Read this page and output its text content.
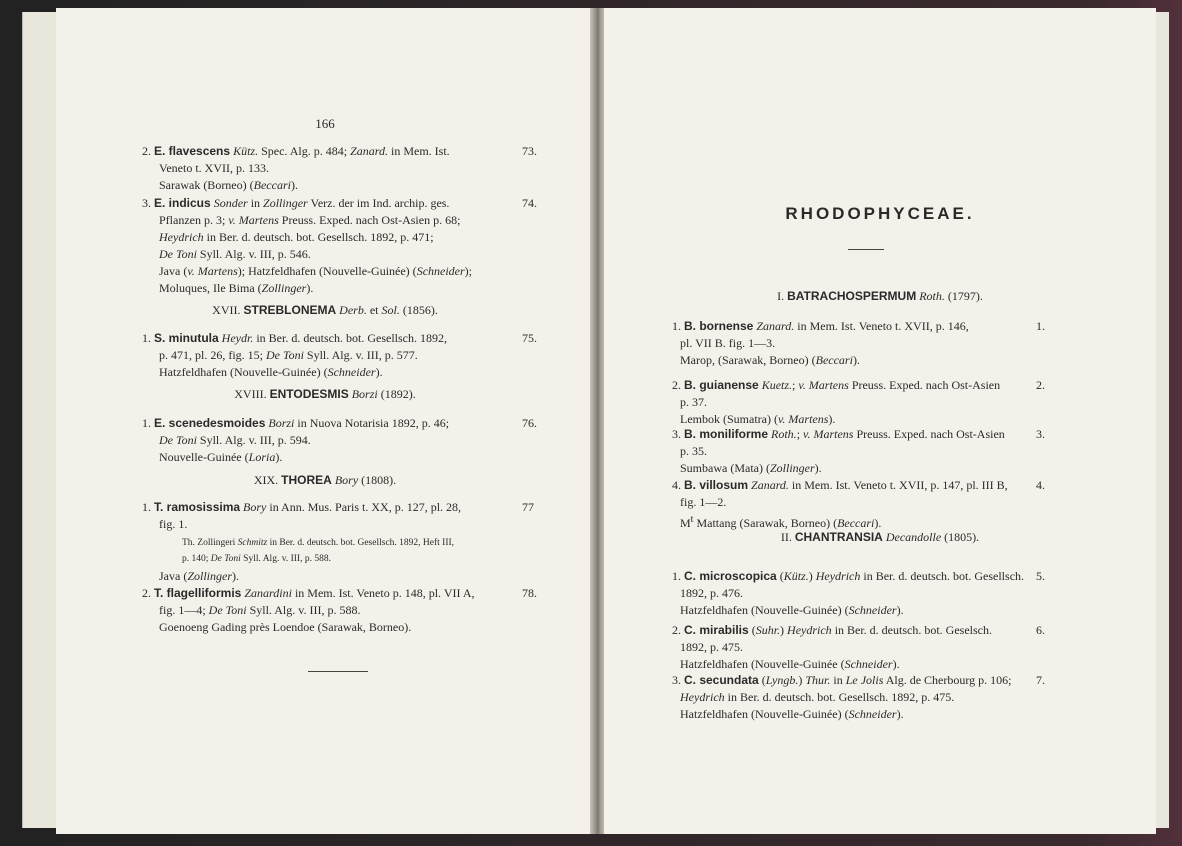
166
2. E. flavescens Kütz. Spec. Alg. p. 484; Zanard. in Mem. Ist.
Veneto t. XVII, p. 133.
Sarawak (Borneo) (Beccari).
73.
3. E. indicus Sonder in Zollinger Verz. der im Ind. archip. ges.
Pflanzen p. 3; v. Martens Preuss. Exped. nach Ost-Asien p. 68;
Heydrich in Ber. d. deutsch. bot. Gesellsch. 1892, p. 471;
De Toni Syll. Alg. v. III, p. 546.
Java (v. Martens); Hatzfeldhafen (Nouvelle-Guinée) (Schneider);
Moluques, Ile Bima (Zollinger).
74.
XVII. STREBLONEMA Derb. et Sol. (1856).
1. S. minutula Heydr. in Ber. d. deutsch. bot. Gesellsch. 1892,
p. 471, pl. 26, fig. 15; De Toni Syll. Alg. v. III, p. 577.
Hatzfeldhafen (Nouvelle-Guinée) (Schneider).
75.
XVIII. ENTODESMIS Borzi (1892).
1. E. scenedesmoides Borzi in Nuova Notarisia 1892, p. 46;
De Toni Syll. Alg. v. III, p. 594.
Nouvelle-Guinée (Loria).
76.
XIX. THOREA Bory (1808).
1. T. ramosissima Bory in Ann. Mus. Paris t. XX, p. 127, pl. 28,
fig. 1.
77
Th. Zollingeri Schmitz in Ber. d. deutsch. bot. Gesellsch. 1892, Heft III,
p. 140; De Toni Syll. Alg. v. III, p. 588.
Java (Zollinger).
2. T. flagelliformis Zanardini in Mem. Ist. Veneto p. 148, pl. VII A,
fig. 1—4; De Toni Syll. Alg. v. III, p. 588.
Goenoeng Gading près Loendoe (Sarawak, Borneo).
78.
RHODOPHYCEAE.
I. BATRACHOSPERMUM Roth. (1797).
1. B. bornense Zanard. in Mem. Ist. Veneto t. XVII, p. 146,
pl. VII B. fig. 1—3.
Marop, (Sarawak, Borneo) (Beccari).
1.
2. B. guianense Kuetz.; v. Martens Preuss. Exped. nach Ost-Asien
p. 37.
Lembok (Sumatra) (v. Martens).
2.
3. B. moniliforme Roth.; v. Martens Preuss. Exped. nach Ost-Asien
p. 35.
Sumbawa (Mata) (Zollinger).
3.
4. B. villosum Zanard. in Mem. Ist. Veneto t. XVII, p. 147, pl. III B,
fig. 1—2.
$M^t$ Mattang (Sarawak, Borneo) (Beccari).
4.
II. CHANTRANSIA Decandolle (1805).
1. C. microscopica (Kütz.) Heydrich in Ber. d. deutsch. bot. Gesellsch.
1892, p. 476.
Hatzfeldhafen (Nouvelle-Guinée) (Schneider).
5.
2. C. mirabilis (Suhr.) Heydrich in Ber. d. deutsch. bot. Geselsch.
1892, p. 475.
Hatzfeldhafen (Nouvelle-Guinée (Schneider).
6.
3. C. secundata (Lyngb.) Thur. in Le Jolis Alg. de Cherbourg p. 106;
Heydrich in Ber. d. deutsch. bot. Gesellsch. 1892, p. 475.
Hatzfeldhafen (Nouvelle-Guinée) (Schneider).
7.
